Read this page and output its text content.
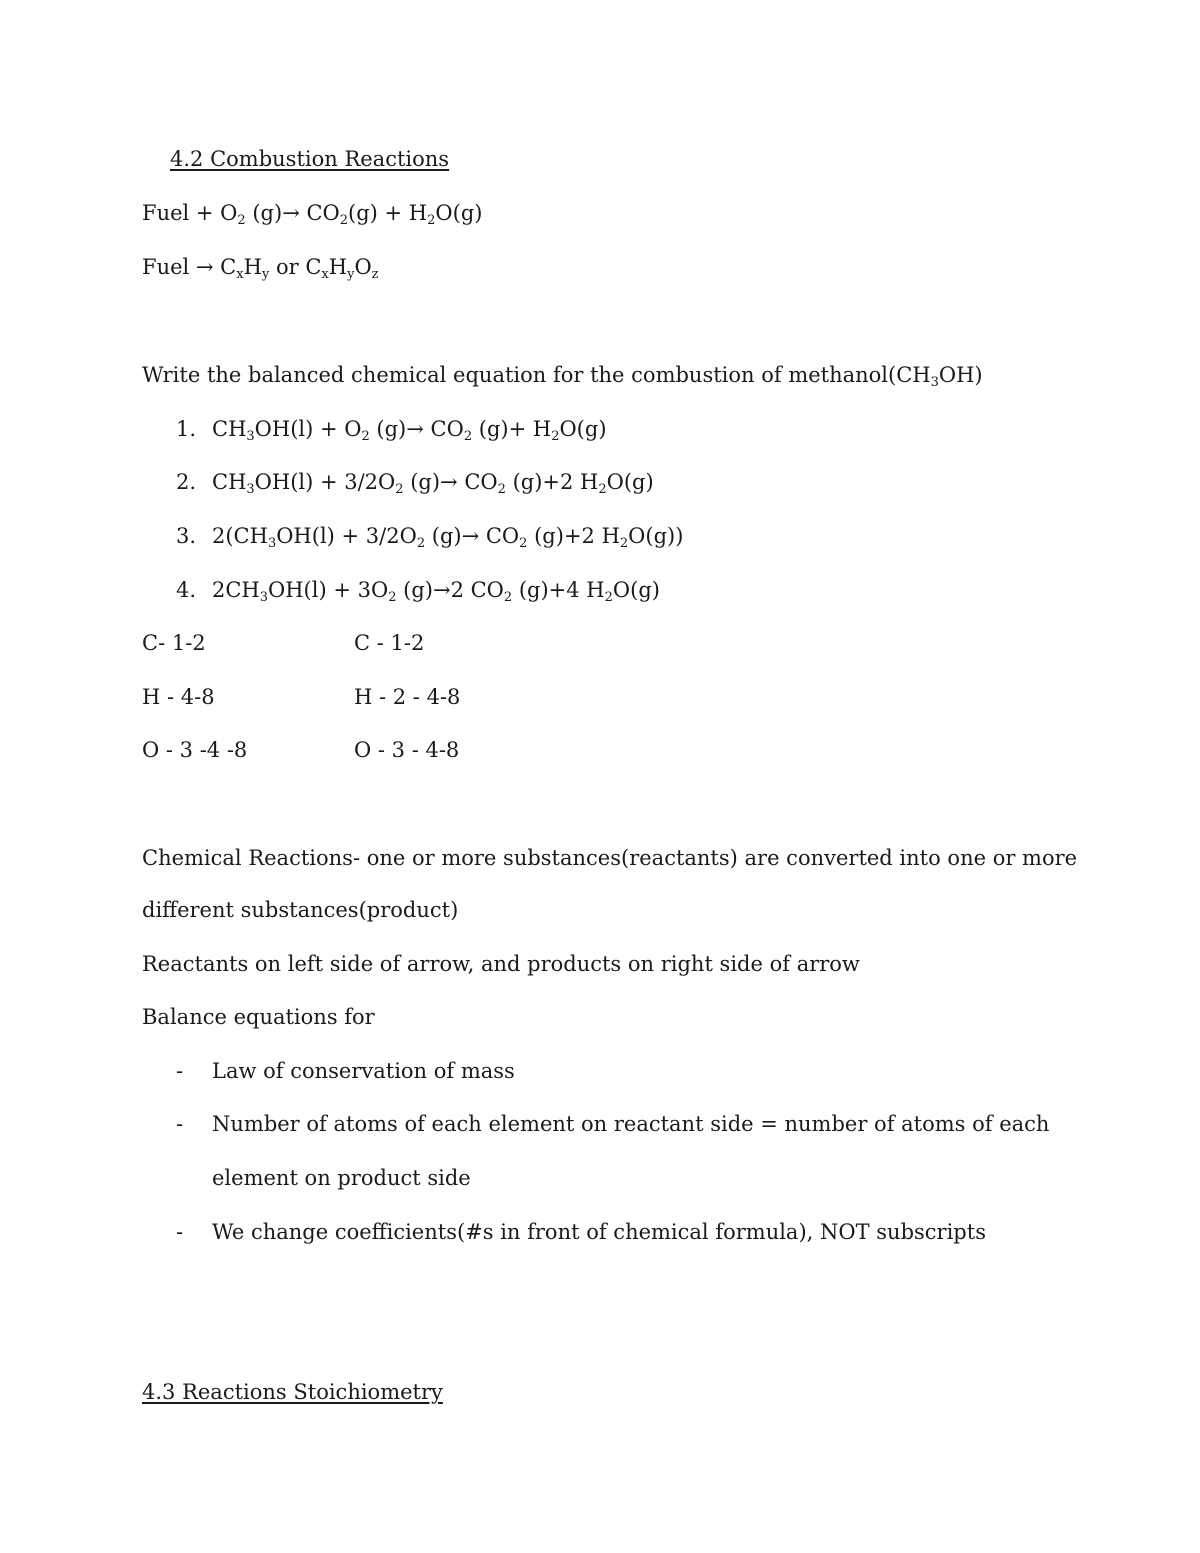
4.2 Combustion Reactions
Fuel + $O_2$ $(g)\to CO_2(g) + H_2O(g)$
Fuel → $C_xH_y$ or $C_xH_yO_z$
Write the balanced chemical equation for the combustion of $methanol(CH_3OH)$
1. $CH_3OH(l) + O_2$ $(g)\to CO_2$ $(g)+ H_2O(g)$
2. $CH_3OH(l) + 3/2O_2$ $(g)\to CO_2$ (g)+2 $H_2O(g)$
3. $2(CH_3OH(l) + 3/2O_2$ $(g)\to CO_2$ (g)+2 $H_2O(g)$)
4. $2CH_3OH(l) + 3O_2$ (g)→2 $CO_2$ (g)+4 $H_2O(g)$
C- 1-2	C - 1-2
H - 4-8	H - 2 - 4-8
O - 3 -4 -8	O - 3 - 4-8
Chemical Reactions- one or more substances(reactants) are converted into one or more
different substances(product)
Reactants on left side of arrow, and products on right side of arrow
Balance equations for
- Law of conservation of mass
- Number of atoms of each element on reactant side = number of atoms of each
element on product side
- We change coefficients(#s in front of chemical formula), NOT subscripts
4.3 Reactions Stoichiometry
